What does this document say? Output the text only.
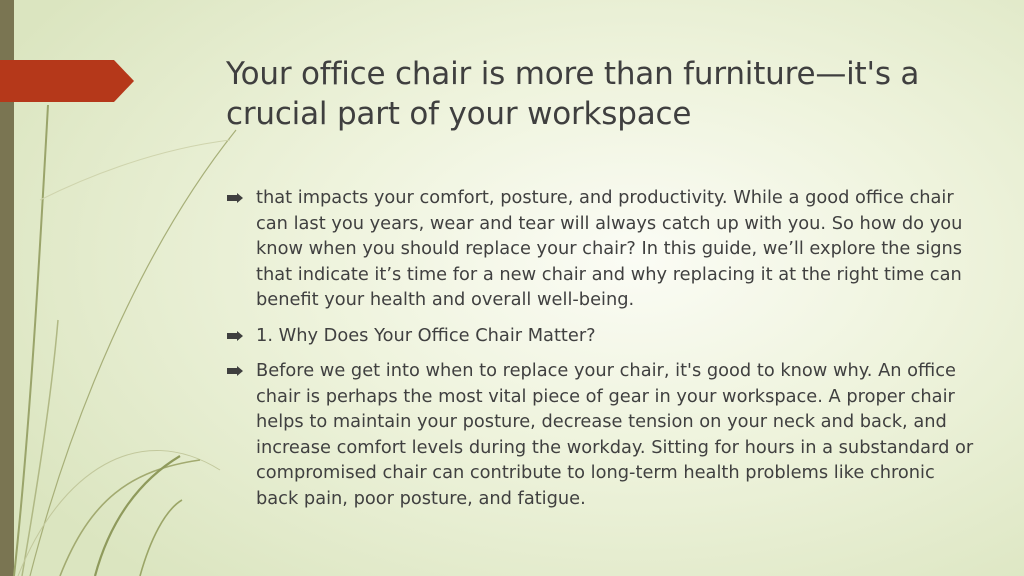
Your office chair is more than furniture—it's a crucial part of your workspace
that impacts your comfort, posture, and productivity. While a good office chair can last you years, wear and tear will always catch up with you. So how do you know when you should replace your chair? In this guide, we’ll explore the signs that indicate it’s time for a new chair and why replacing it at the right time can benefit your health and overall well-being.
1. Why Does Your Office Chair Matter?
Before we get into when to replace your chair, it's good to know why. An office chair is perhaps the most vital piece of gear in your workspace. A proper chair helps to maintain your posture, decrease tension on your neck and back, and increase comfort levels during the workday. Sitting for hours in a substandard or compromised chair can contribute to long-term health problems like chronic back pain, poor posture, and fatigue.
